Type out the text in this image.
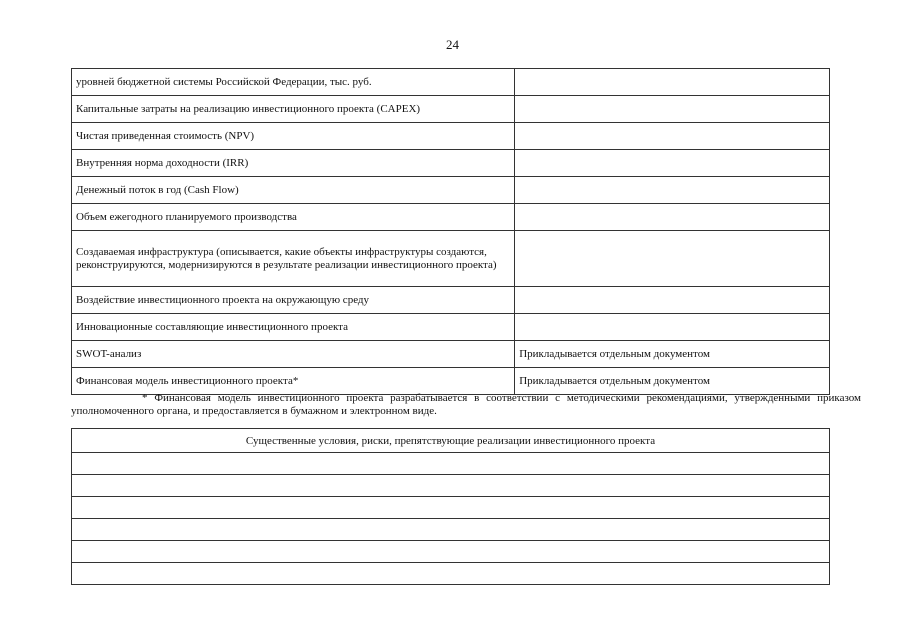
24
уровней бюджетной системы Российской Федерации, тыс. руб.	
Капитальные затраты на реализацию инвестиционного проекта (CAPEX)	
Чистая приведенная стоимость (NPV)	
Внутренняя норма доходности (IRR)	
Денежный поток в год (Cash Flow)	
Объем ежегодного планируемого производства	
Создаваемая инфраструктура (описывается, какие объекты инфраструктуры создаются, реконструируются, модернизируются в результате реализации инвестиционного проекта)	
Воздействие инвестиционного проекта на окружающую среду	
Инновационные составляющие инвестиционного проекта	
SWOT-анализ	Прикладывается отдельным документом
Финансовая модель инвестиционного проекта*	Прикладывается отдельным документом
* Финансовая модель инвестиционного проекта разрабатывается в соответствии с методическими рекомендациями, утвержденными приказом уполномоченного органа, и предоставляется в бумажном и электронном виде.
Существенные условия, риски, препятствующие реализации инвестиционного проекта
